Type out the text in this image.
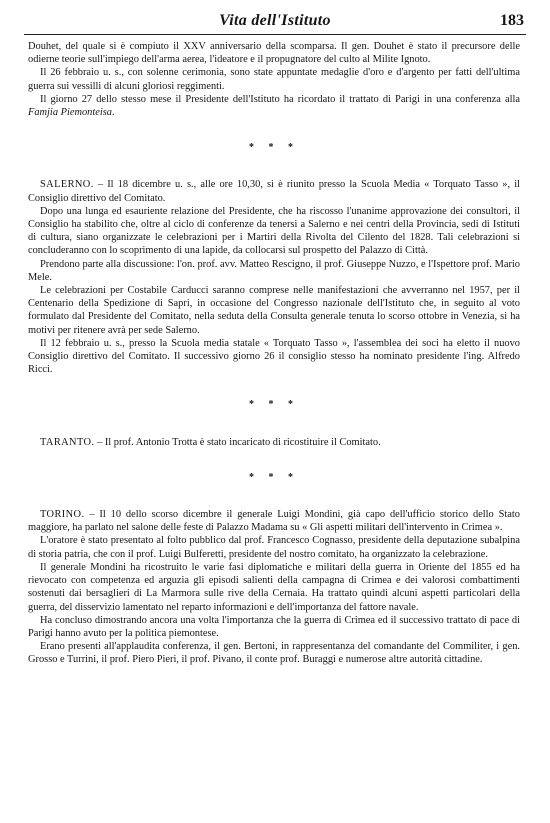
Vita dell'Istituto	183

Douhet, del quale si è compiuto il XXV anniversario della scomparsa. Il gen. Douhet è stato il precursore delle odierne teorie sull'impiego dell'arma aerea, l'ideatore e il propugnatore del culto al Milite Ignoto.

Il 26 febbraio u. s., con solenne cerimonia, sono state appuntate medaglie d'oro e d'argento per fatti dell'ultima guerra sui vessilli di alcuni gloriosi reggimenti.

Il giorno 27 dello stesso mese il Presidente dell'Istituto ha ricordato il trattato di Parigi in una conferenza alla Famjia Piemonteisa.

* * *

SALERNO. – Il 18 dicembre u. s., alle ore 10,30, si è riunito presso la Scuola Media « Torquato Tasso », il Consiglio direttivo del Comitato.

Dopo una lunga ed esauriente relazione del Presidente, che ha riscosso l'unanime approvazione dei consultori, il Consiglio ha stabilito che, oltre al ciclo di conferenze da tenersi a Salerno e nei centri della Provincia, sedi di Istituti di cultura, siano organizzate le celebrazioni per i Martiri della Rivolta del Cilento del 1828. Tali celebrazioni si concluderanno con lo scoprimento di una lapide, da collocarsi sul prospetto del Palazzo di Città.

Prendono parte alla discussione: l'on. prof. avv. Matteo Rescigno, il prof. Giuseppe Nuzzo, e l'Ispettore prof. Mario Mele.

Le celebrazioni per Costabile Carducci saranno comprese nelle manifestazioni che avverranno nel 1957, per il Centenario della Spedizione di Sapri, in occasione del Congresso nazionale dell'Istituto che, in seguito al voto formulato dal Presidente del Comitato, nella seduta della Consulta generale tenuta lo scorso ottobre in Venezia, si ha motivi per ritenere avrà per sede Salerno.

Il 12 febbraio u. s., presso la Scuola media statale « Torquato Tasso », l'assemblea dei soci ha eletto il nuovo Consiglio direttivo del Comitato. Il successivo giorno 26 il consiglio stesso ha nominato presidente l'ing. Alfredo Ricci.

* * *

TARANTO. – Il prof. Antonio Trotta è stato incaricato di ricostituire il Comitato.

* * *

TORINO. – Il 10 dello scorso dicembre il generale Luigi Mondini, già capo dell'ufficio storico dello Stato maggiore, ha parlato nel salone delle feste di Palazzo Madama su « Gli aspetti militari dell'intervento in Crimea ».

L'oratore è stato presentato al folto pubblico dal prof. Francesco Cognasso, presidente della deputazione subalpina di storia patria, che con il prof. Luigi Bulferetti, presidente del nostro comitato, ha organizzato la celebrazione.

Il generale Mondini ha ricostruito le varie fasi diplomatiche e militari della guerra in Oriente del 1855 ed ha rievocato con competenza ed arguzia gli episodi salienti della campagna di Crimea e dei valorosi combattimenti sostenuti dai bersaglieri di La Marmora sulle rive della Cernaia. Ha trattato quindi alcuni aspetti particolari della guerra, del disservizio lamentato nel reparto informazioni e dell'importanza del fattore navale.

Ha concluso dimostrando ancora una volta l'importanza che la guerra di Crimea ed il successivo trattato di pace di Parigi hanno avuto per la politica piemontese.

Erano presenti all'applaudita conferenza, il gen. Bertoni, in rappresentanza del comandante del Commiliter, i gen. Grosso e Turrini, il prof. Piero Pieri, il prof. Pivano, il conte prof. Buraggi e numerose altre autorità cittadine.
